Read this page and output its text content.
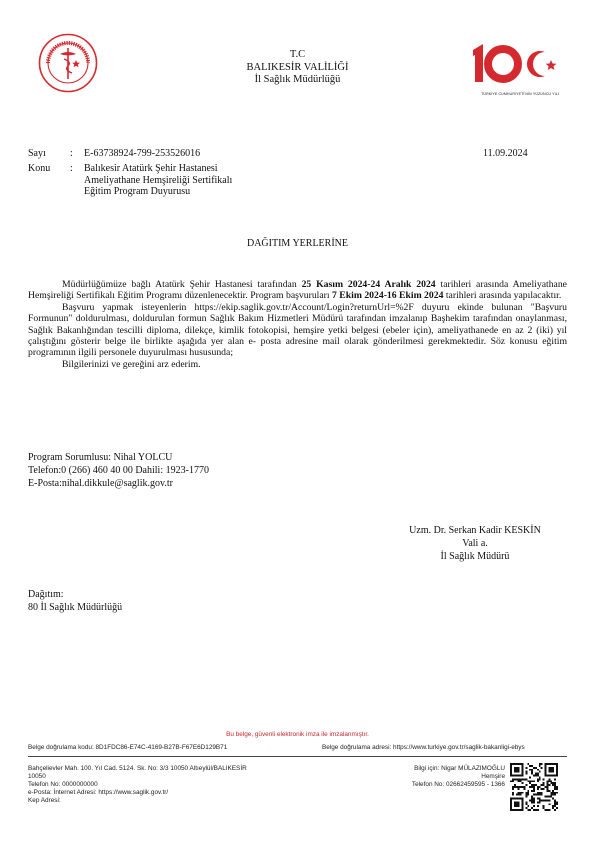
T.C
BALIKESİR VALİLİĞİ
İl Sağlık Müdürlüğü
TÜRKİYE CUMHURİYETİ'NİN YÜZÜNCÜ YILI
Sayı : E-63738924-799-253526016	11.09.2024
Konu : Balıkesir Atatürk Şehir Hastanesi
Ameliyathane Hemşireliği Sertifikalı
Eğitim Program Duyurusu
DAĞITIM YERLERİNE

Müdürlüğümüze bağlı Atatürk Şehir Hastanesi tarafından 25 Kasım 2024-24 Aralık 2024 tarihleri arasında Ameliyathane Hemşireliği Sertifikalı Eğitim Programı düzenlenecektir. Program başvuruları 7 Ekim 2024-16 Ekim 2024 tarihleri arasında yapılacaktır.

Başvuru yapmak isteyenlerin https://ekip.saglik.gov.tr/Account/Login?returnUrl=%2F duyuru ekinde bulunan "Başvuru Formunun" doldurulması, doldurulan formun Sağlık Bakım Hizmetleri Müdürü tarafından imzalanıp Başhekim tarafından onaylanması, Sağlık Bakanlığından tescilli diploma, dilekçe, kimlik fotokopisi, hemşire yetki belgesi (ebeler için), ameliyathanede en az 2 (iki) yıl çalıştığını gösterir belge ile birlikte aşağıda yer alan e- posta adresine mail olarak gönderilmesi gerekmektedir. Söz konusu eğitim programının ilgili personele duyurulması hususunda;

Bilgilerinizi ve gereğini arz ederim.

Program Sorumlusu: Nihal YOLCU
Telefon:0 (266) 460 40 00 Dahili: 1923-1770
E-Posta:nihal.dikkule@saglik.gov.tr
Uzm. Dr. Serkan Kadir KESKİN
Vali a.
İl Sağlık Müdürü
Dağıtım:
80 İl Sağlık Müdürlüğü
Bu belge, güvenli elektronik imza ile imzalanmıştır.
Belge doğrulama kodu: 8D1FDC86-E74C-4169-B27B-F67E6D129B71	Belge doğrulama adresi: https://www.turkiye.gov.tr/saglik-bakanligi-ebys
Bahçelievler Mah. 100. Yıl Cad. 5124. Sk. No: 3/3 10050 Altıeylül/BALIKESİR
10050
Telefon No: 0000000000
e-Posta: İnternet Adresi: https://www.saglik.gov.tr/
Kep Adresi:
Bilgi için: Nigar MÜLAZIMOĞLU
Hemşire
Telefon No: 02662459595 - 1366
